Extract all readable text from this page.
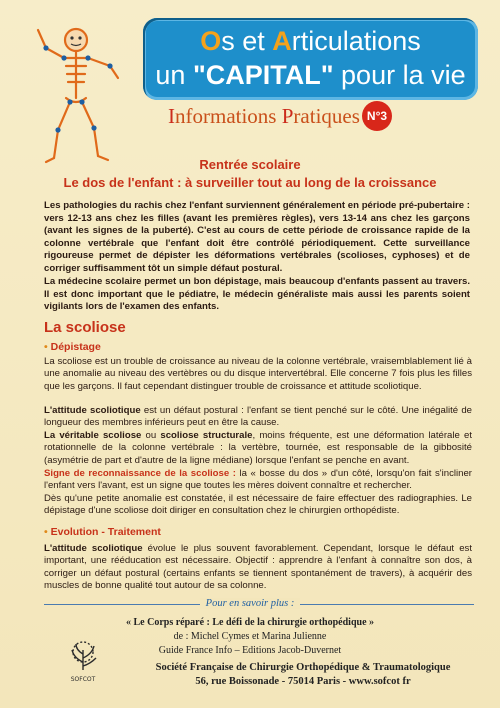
Os et Articulations
un "CAPITAL" pour la vie
Informations Pratiques N°3
Rentrée scolaire
Le dos de l'enfant : à surveiller tout au long de la croissance
Les pathologies du rachis chez l'enfant surviennent généralement en période pré-pubertaire : vers 12-13 ans chez les filles (avant les premières règles), vers 13-14 ans chez les garçons (avant les signes de la puberté). C'est au cours de cette période de croissance rapide de la colonne vertébrale que l'enfant doit être contrôlé périodiquement. Cette surveillance rigoureuse permet de dépister les déformations vertébrales (scolioses, cyphoses) et de corriger suffisamment tôt un simple défaut postural.
La médecine scolaire permet un bon dépistage, mais beaucoup d'enfants passent au travers. Il est donc important que le pédiatre, le médecin généraliste mais aussi les parents soient vigilants lors de l'examen des enfants.
La scoliose
• Dépistage
La scoliose est un trouble de croissance au niveau de la colonne vertébrale, vraisemblablement lié à une anomalie au niveau des vertèbres ou du disque intervertébral. Elle concerne 7 fois plus les filles que les garçons. Il faut cependant distinguer trouble de croissance et attitude scoliotique.
L'attitude scoliotique est un défaut postural : l'enfant se tient penché sur le côté. Une inégalité de longueur des membres inférieurs peut en être la cause.
La véritable scoliose ou scoliose structurale, moins fréquente, est une déformation latérale et rotationnelle de la colonne vertébrale : la vertèbre, tournée, est responsable de la gibbosité (asymétrie de part et d'autre de la ligne médiane) lorsque l'enfant se penche en avant.
Signe de reconnaissance de la scoliose : la « bosse du dos » d'un côté, lorsqu'on fait s'incliner l'enfant vers l'avant, est un signe que toutes les mères doivent connaître et rechercher.
Dès qu'une petite anomalie est constatée, il est nécessaire de faire effectuer des radiographies. Le dépistage d'une scoliose doit diriger en consultation chez le chirurgien orthopédiste.
• Evolution - Traitement
L'attitude scoliotique évolue le plus souvent favorablement. Cependant, lorsque le défaut est important, une rééducation est nécessaire. Objectif : apprendre à l'enfant à connaître son dos, à corriger un défaut postural (certains enfants se tiennent spontanément de travers), à acquérir des muscles de bonne qualité tout autour de sa colonne.
Pour en savoir plus :
« Le Corps réparé : Le défi de la chirurgie orthopédique »
de : Michel Cymes et Marina Julienne
Guide France Info – Editions Jacob-Duvernet
SOFCOT
Société Française de Chirurgie Orthopédique & Traumatologique
56, rue Boissonade - 75014 Paris - www.sofcot fr
